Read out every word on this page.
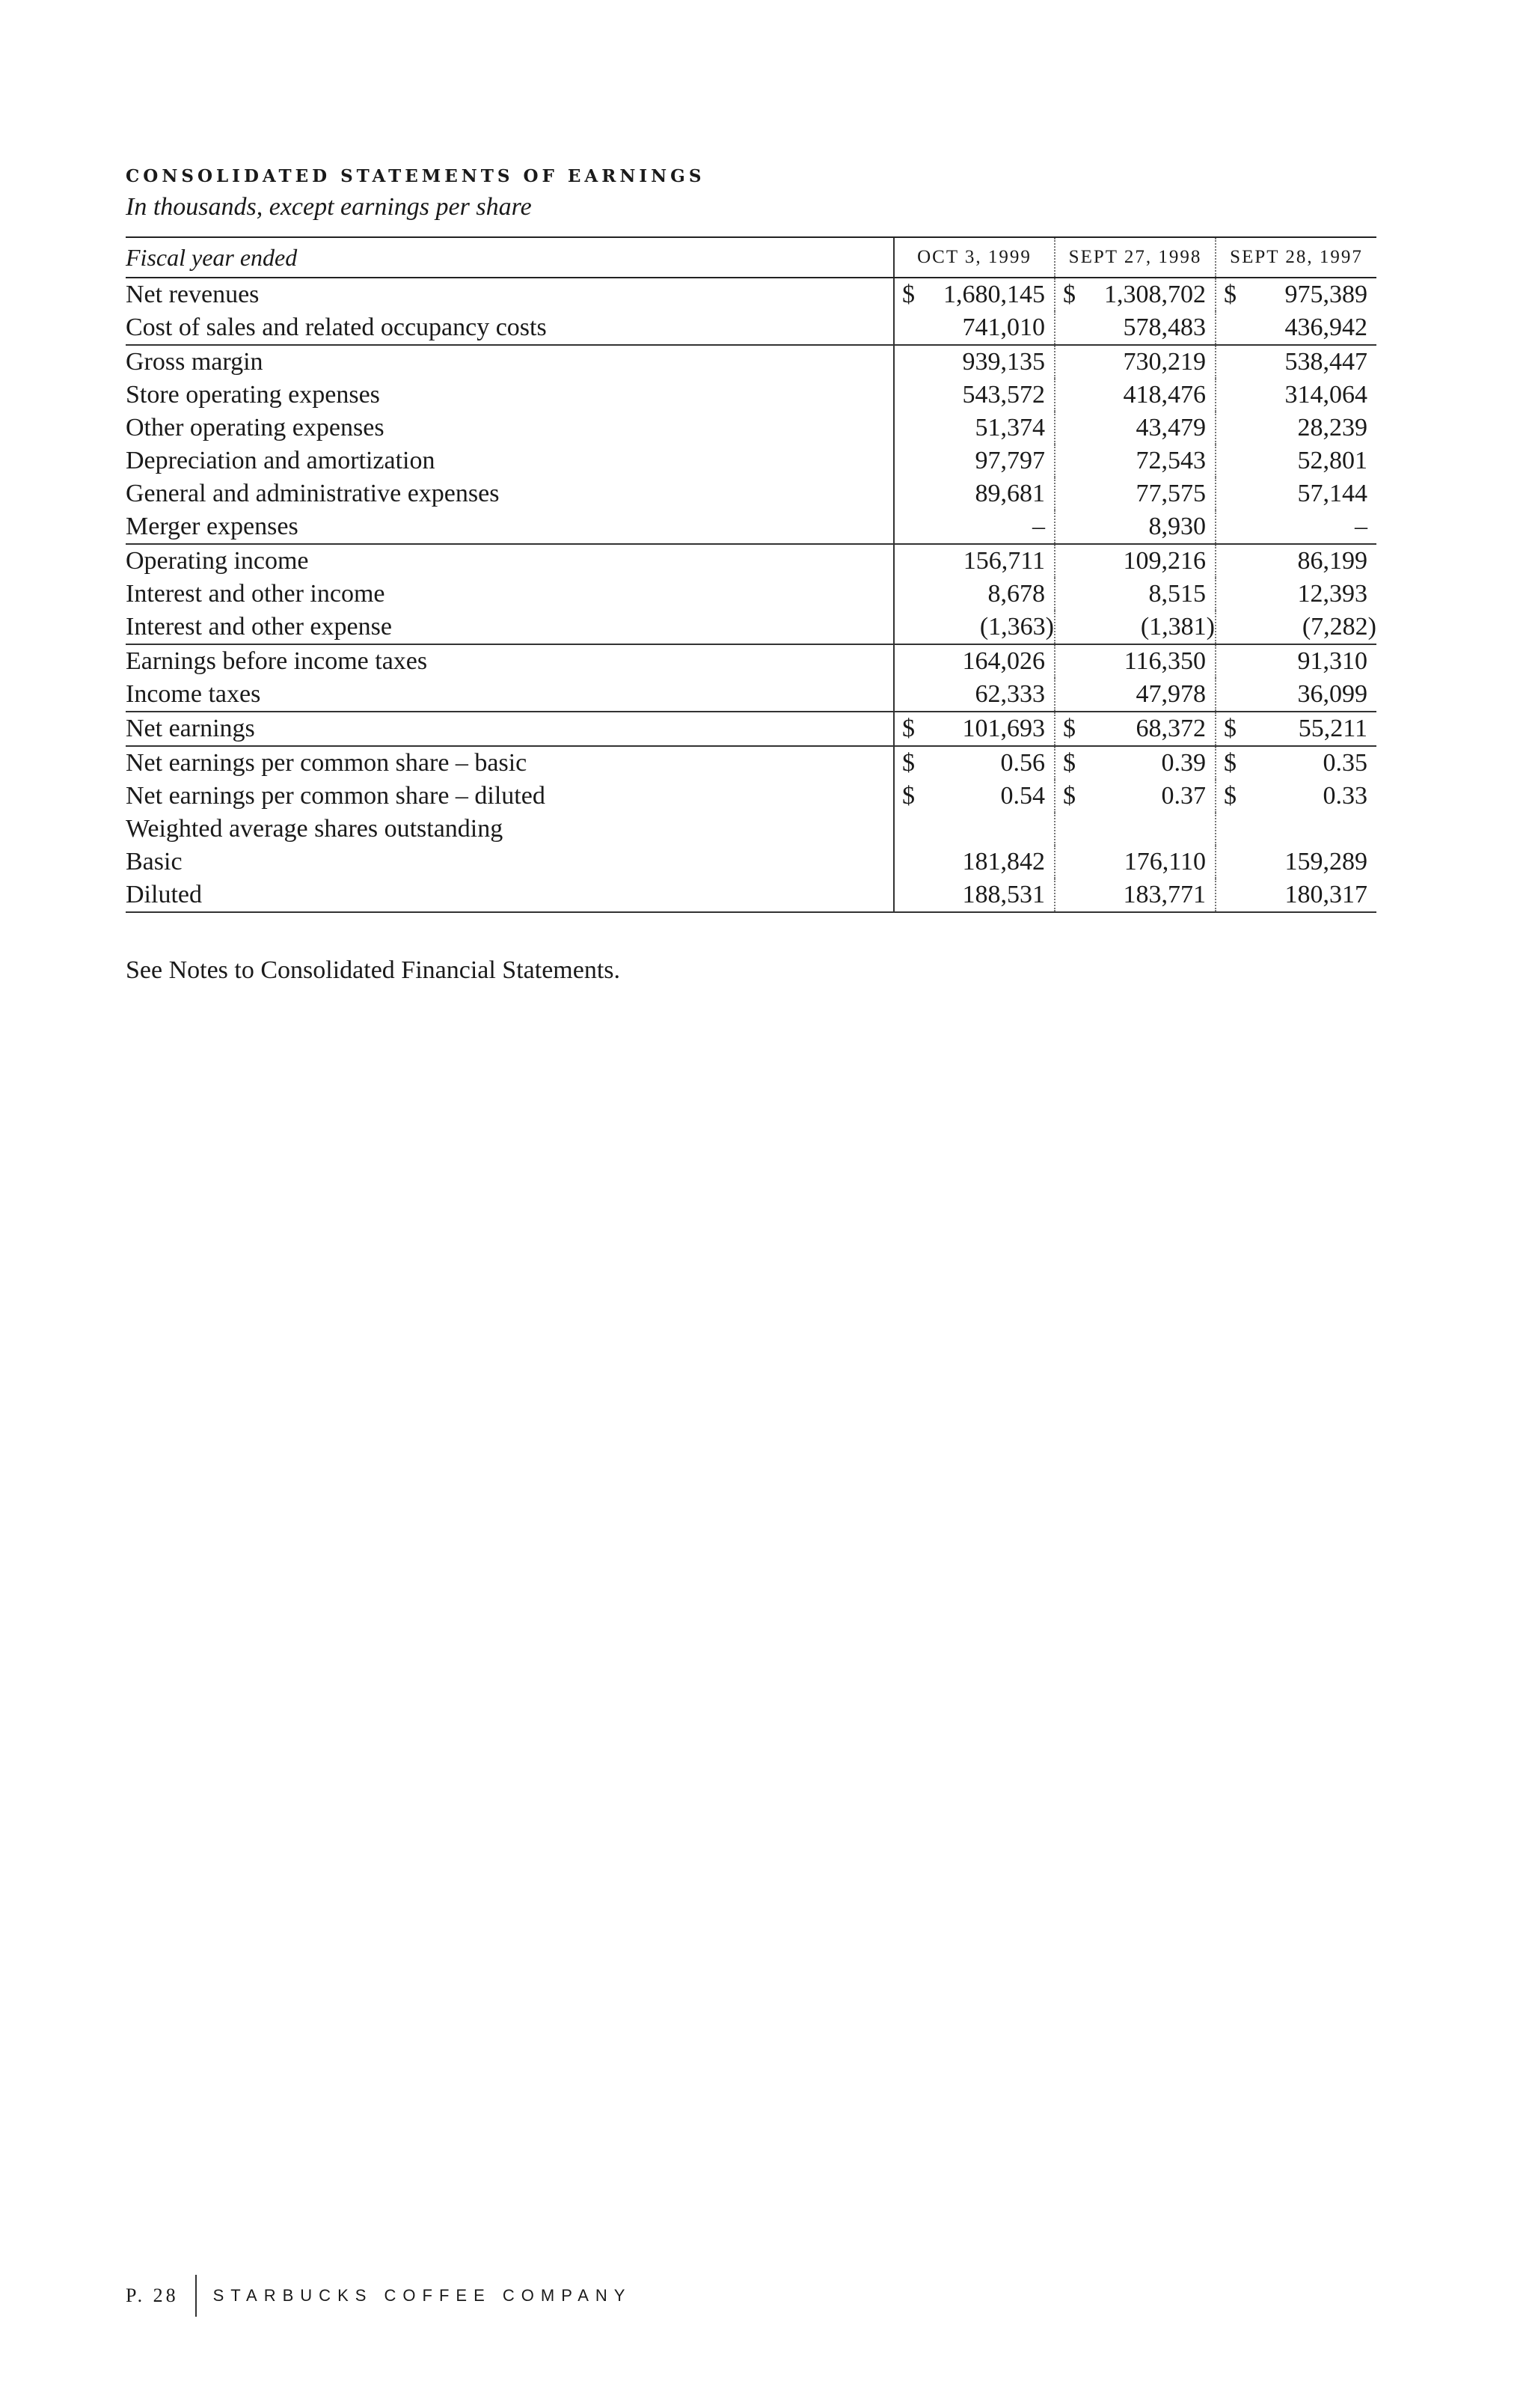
CONSOLIDATED STATEMENTS OF EARNINGS

In thousands, except earnings per share

Fiscal year ended	OCT 3, 1999	SEPT 27, 1998	SEPT 28, 1997
Net revenues	$ 1,680,145	$ 1,308,702	$ 975,389

Cost of sales and related occupancy costs	741,010	578,483	436,942

Gross margin	939,135	730,219	538,447

Store operating expenses	543,572	418,476	314,064

Other operating expenses	51,374	43,479	28,239

Depreciation and amortization	97,797	72,543	52,801

General and administrative expenses	89,681	77,575	57,144

Merger expenses	–	8,930	–

Operating income	156,711	109,216	86,199

Interest and other income	8,678	8,515	12,393

Interest and other expense	(1,363)	(1,381)	(7,282)

Earnings before income taxes	164,026	116,350	91,310

Income taxes	62,333	47,978	36,099

Net earnings	$ 101,693	$ 68,372	$ 55,211

Net earnings per common share – basic	$ 0.56	$ 0.39	$ 0.35

Net earnings per common share – diluted	$ 0.54	$ 0.37	$ 0.33

Weighted average shares outstanding	

Basic	181,842	176,110	159,289

Diluted	188,531	183,771	180,317

See Notes to Consolidated Financial Statements.

P. 28	STARBUCKS COFFEE COMPANY
